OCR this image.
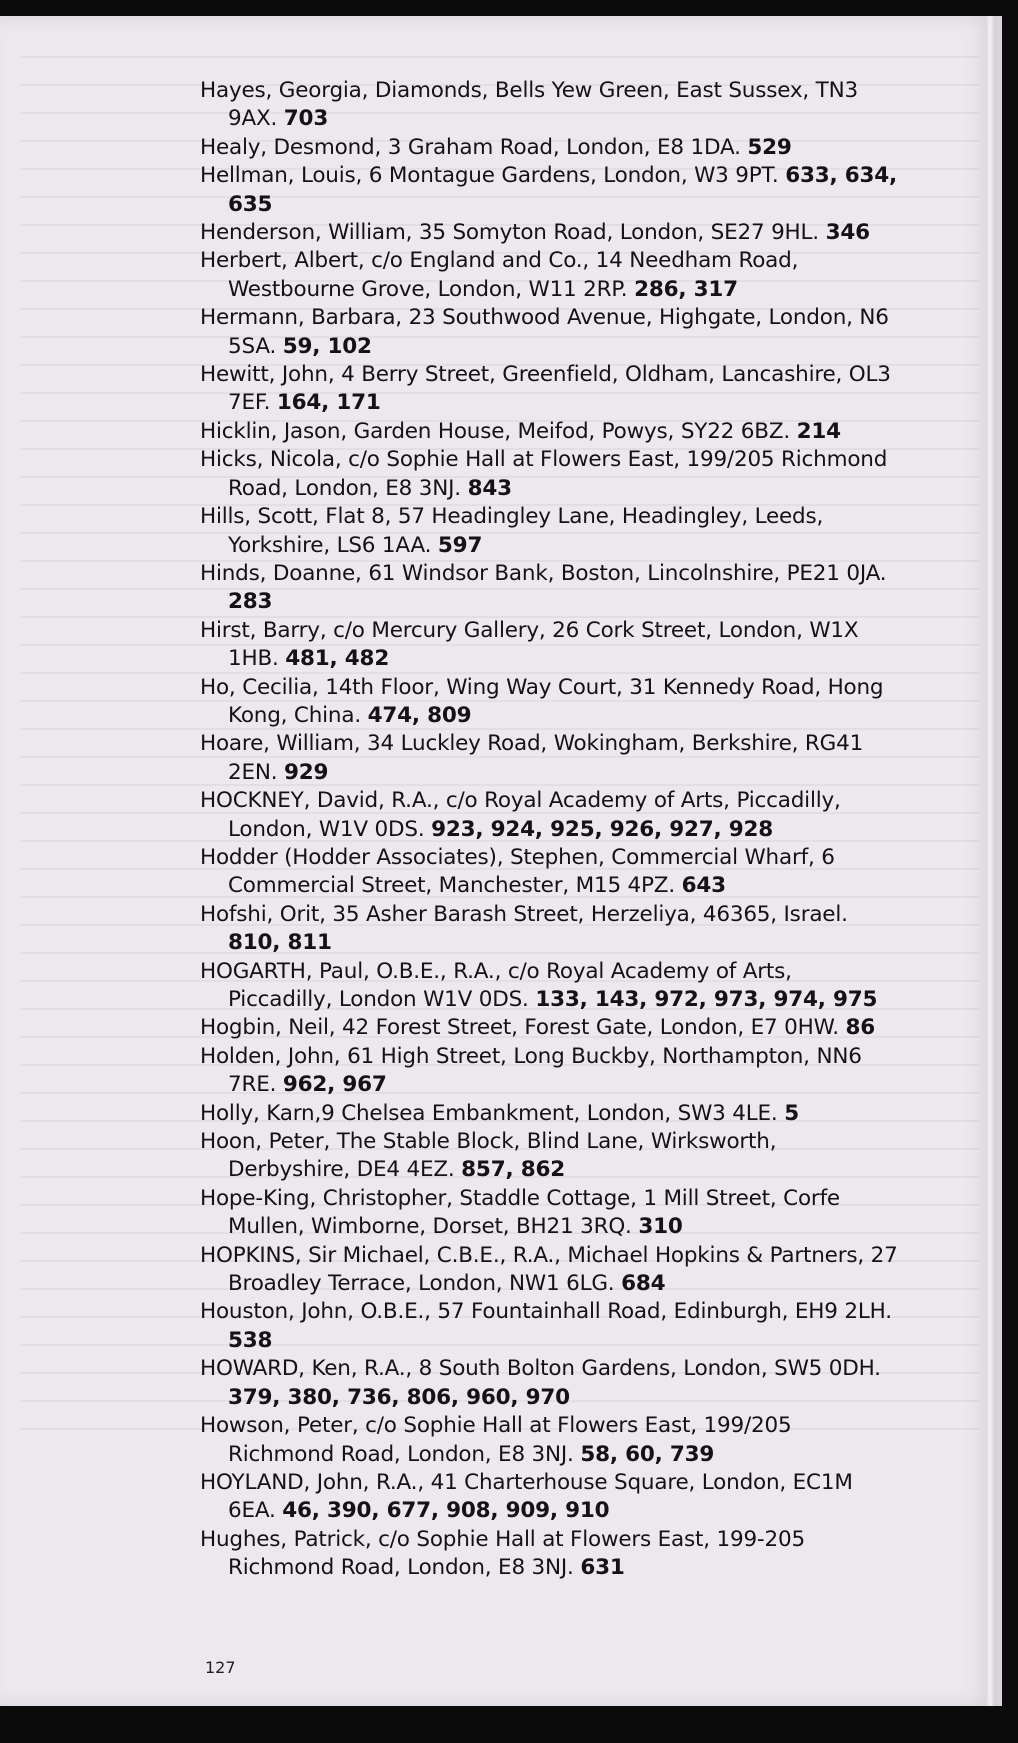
Hayes, Georgia, Diamonds, Bells Yew Green, East Sussex, TN3 9AX. 703
Healy, Desmond, 3 Graham Road, London, E8 1DA. 529
Hellman, Louis, 6 Montague Gardens, London, W3 9PT. 633, 634, 635
Henderson, William, 35 Somyton Road, London, SE27 9HL. 346
Herbert, Albert, c/o England and Co., 14 Needham Road, Westbourne Grove, London, W11 2RP. 286, 317
Hermann, Barbara, 23 Southwood Avenue, Highgate, London, N6 5SA. 59, 102
Hewitt, John, 4 Berry Street, Greenfield, Oldham, Lancashire, OL3 7EF. 164, 171
Hicklin, Jason, Garden House, Meifod, Powys, SY22 6BZ. 214
Hicks, Nicola, c/o Sophie Hall at Flowers East, 199/205 Richmond Road, London, E8 3NJ. 843
Hills, Scott, Flat 8, 57 Headingley Lane, Headingley, Leeds, Yorkshire, LS6 1AA. 597
Hinds, Doanne, 61 Windsor Bank, Boston, Lincolnshire, PE21 0JA. 283
Hirst, Barry, c/o Mercury Gallery, 26 Cork Street, London, W1X 1HB. 481, 482
Ho, Cecilia, 14th Floor, Wing Way Court, 31 Kennedy Road, Hong Kong, China. 474, 809
Hoare, William, 34 Luckley Road, Wokingham, Berkshire, RG41 2EN. 929
HOCKNEY, David, R.A., c/o Royal Academy of Arts, Piccadilly, London, W1V 0DS. 923, 924, 925, 926, 927, 928
Hodder (Hodder Associates), Stephen, Commercial Wharf, 6 Commercial Street, Manchester, M15 4PZ. 643
Hofshi, Orit, 35 Asher Barash Street, Herzeliya, 46365, Israel. 810, 811
HOGARTH, Paul, O.B.E., R.A., c/o Royal Academy of Arts, Piccadilly, London W1V 0DS. 133, 143, 972, 973, 974, 975
Hogbin, Neil, 42 Forest Street, Forest Gate, London, E7 0HW. 86
Holden, John, 61 High Street, Long Buckby, Northampton, NN6 7RE. 962, 967
Holly, Karn,9 Chelsea Embankment, London, SW3 4LE. 5
Hoon, Peter, The Stable Block, Blind Lane, Wirksworth, Derbyshire, DE4 4EZ. 857, 862
Hope-King, Christopher, Staddle Cottage, 1 Mill Street, Corfe Mullen, Wimborne, Dorset, BH21 3RQ. 310
HOPKINS, Sir Michael, C.B.E., R.A., Michael Hopkins & Partners, 27 Broadley Terrace, London, NW1 6LG. 684
Houston, John, O.B.E., 57 Fountainhall Road, Edinburgh, EH9 2LH. 538
HOWARD, Ken, R.A., 8 South Bolton Gardens, London, SW5 0DH. 379, 380, 736, 806, 960, 970
Howson, Peter, c/o Sophie Hall at Flowers East, 199/205 Richmond Road, London, E8 3NJ. 58, 60, 739
HOYLAND, John, R.A., 41 Charterhouse Square, London, EC1M 6EA. 46, 390, 677, 908, 909, 910
Hughes, Patrick, c/o Sophie Hall at Flowers East, 199-205 Richmond Road, London, E8 3NJ. 631
127
